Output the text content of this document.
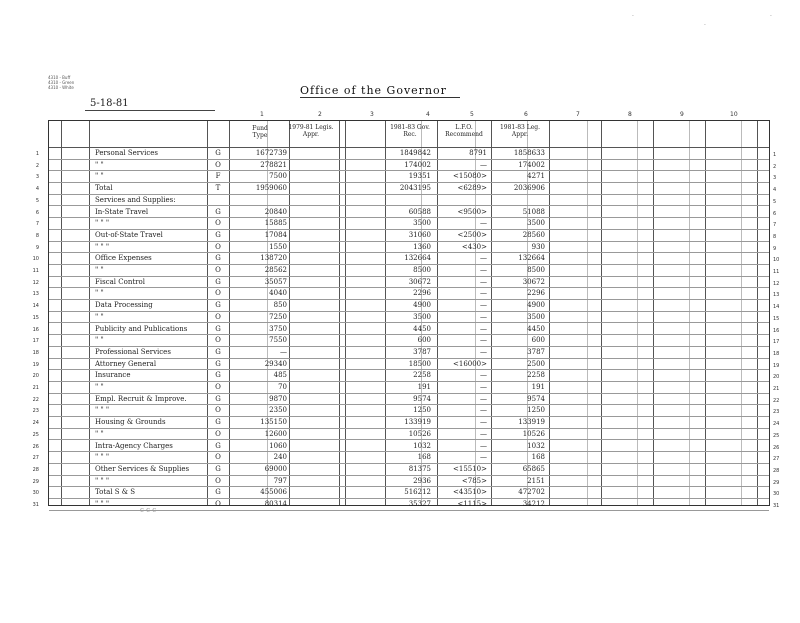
4310 - Buff
4310 - Green
4310 - White	Office of the Governor
5-18-81
1	2	3	4	5	6	7	8	9	10
Fund Type
1979-81 Legis. Appr.
1981-83 Gov. Rec.
L.F.O. Recommend
1981-83 Leg. Appr.
1	1
Personal Services	G	1672739	1849842	8791	1858633
2	2
" "	O	278821	174002	—	174002
3	3
" "	F	7500	19351	<15080>	4271
4	4
Total	T	1959060	2043195	<6289>	2036906
5	5
Services and Supplies:
6	6
In-State Travel	G	20840	60588	<9500>	51088
7	7
" " "	O	15885	3500	—	3500
8	8
Out-of-State Travel	G	17084	31060	<2500>	28560
9	9
" " "	O	1550	1360	<430>	930
10	10
Office Expenses	G	138720	132664	—	132664
11	11
" "	O	28562	8500	—	8500
12	12
Fiscal Control	G	35057	30672	—	30672
13	13
" "	O	4040	2296	—	2296
14	14
Data Processing	G	850	4900	—	4900
15	15
" "	O	7250	3500	—	3500
16	16
Publicity and Publications	G	3750	4450	—	4450
17	17
" "	O	7550	600	—	600
18	18
Professional Services	G	—	3787	—	3787
19	19
Attorney General	G	29340	18500	<16000>	2500
20	20
Insurance	G	485	2258	—	2258
21	21
" "	O	70	191	—	191
22	22
Empl. Recruit & Improve.	G	9870	9574	—	9574
23	23
" " "	O	2350	1250	—	1250
24	24
Housing & Grounds	G	135150	133919	—	133919
25	25
" "	O	12600	10526	—	10526
26	26
Intra-Agency Charges	G	1060	1032	—	1032
27	27
" " "	O	240	168	—	168
28	28
Other Services & Supplies	G	69000	81375	<15510>	65865
29	29
" " "	O	797	2936	<785>	2151
30	30
Total S & S	G	455006	516212	<43510>	472702
31	31
" " "	O	80314	35327	<1115>	34212
c c c
·
·
·
